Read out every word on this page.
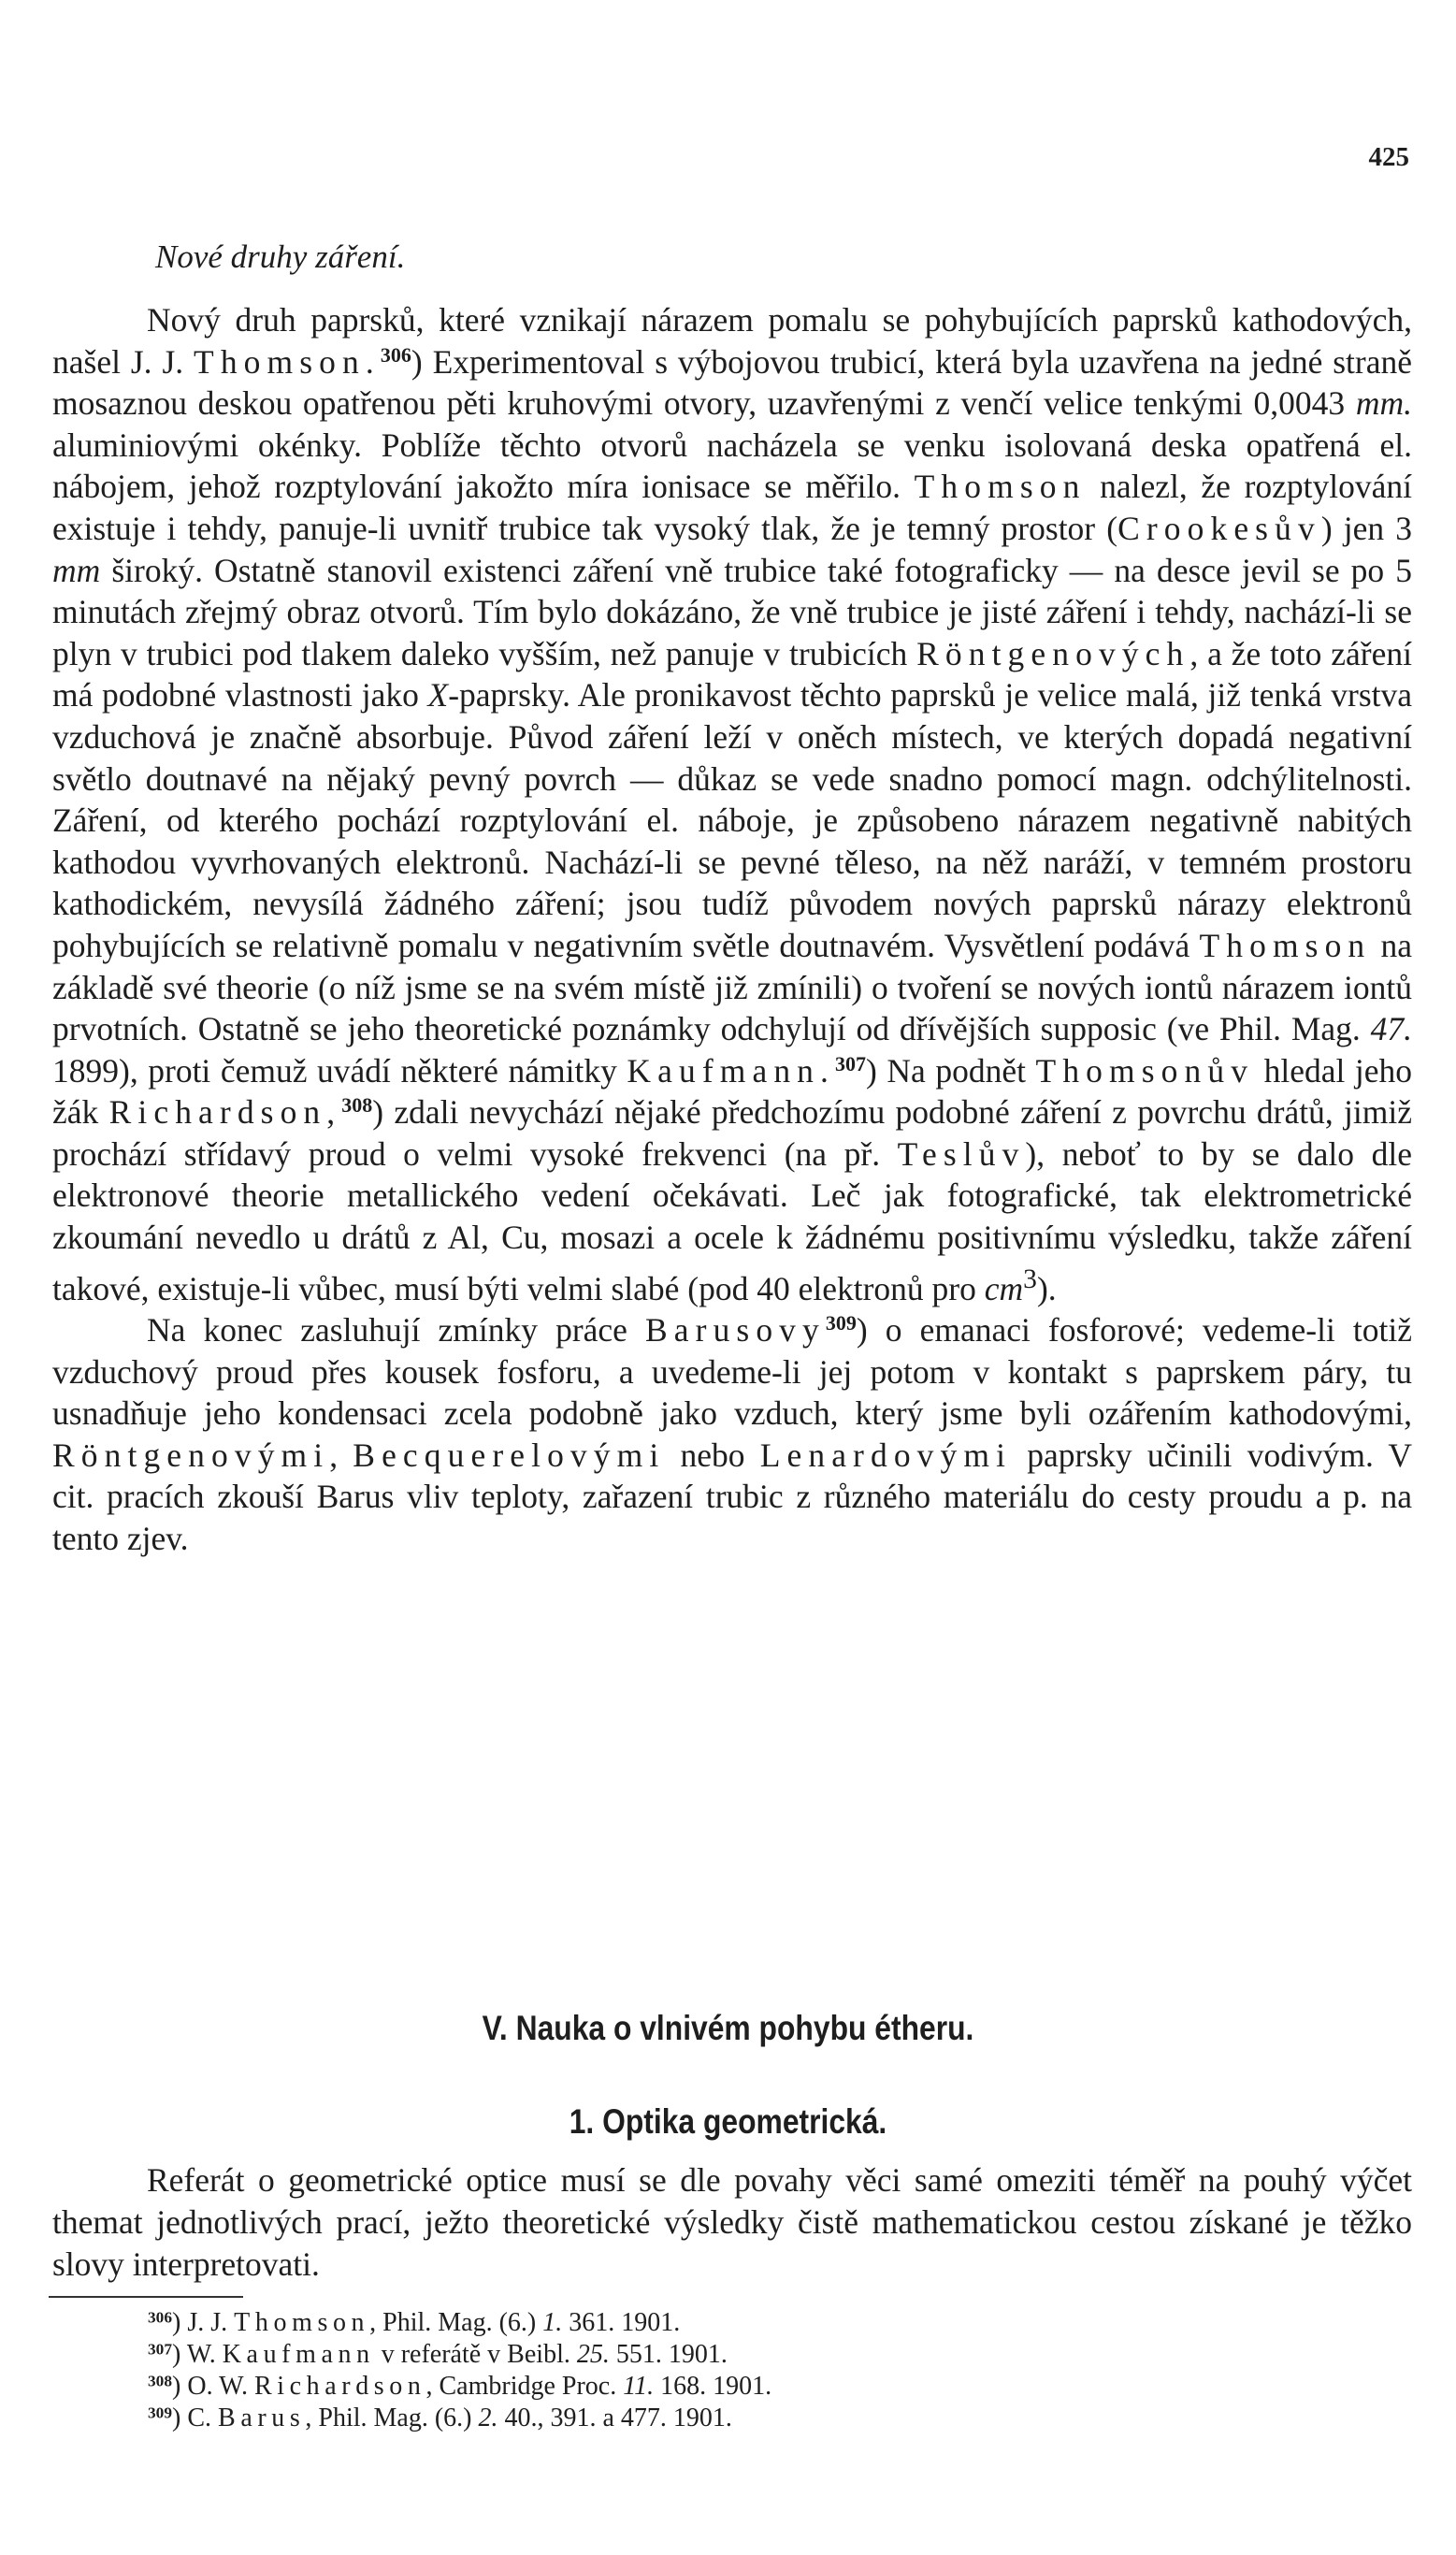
425
Nové druhy záření.

Nový druh paprsků, které vznikají nárazem pomalu se pohybujících paprsků kathodových, našel J. J. Thomson.$^{306}$) Experimentoval s výbojovou trubicí, která byla uzavřena na jedné straně mosaznou deskou opatřenou pěti kruhovými otvory, uzavřenými z venčí velice tenkými 0,0043 mm. aluminiovými okénky. Poblíže těchto otvorů nacházela se venku isolovaná deska opatřená el. nábojem, jehož rozptylování jakožto míra ionisace se měřilo. Thomson nalezl, že rozptylování existuje i tehdy, panuje-li uvnitř trubice tak vysoký tlak, že je temný prostor (Crookesův) jen 3 mm široký. Ostatně stanovil existenci záření vně trubice také fotograficky — na desce jevil se po 5 minutách zřejmý obraz otvorů. Tím bylo dokázáno, že vně trubice je jisté záření i tehdy, nachází-li se plyn v trubici pod tlakem daleko vyšším, než panuje v trubicích Röntgenových, a že toto záření má podobné vlastnosti jako X-paprsky. Ale pronikavost těchto paprsků je velice malá, již tenká vrstva vzduchová je značně absorbuje. Původ záření leží v oněch místech, ve kterých dopadá negativní světlo doutnavé na nějaký pevný povrch — důkaz se vede snadno pomocí magn. odchýlitelnosti. Záření, od kterého pochází rozptylování el. náboje, je způsobeno nárazem negativně nabitých kathodou vyvrhovaných elektronů. Nachází-li se pevné těleso, na něž naráží, v temném prostoru kathodickém, nevysílá žádného záření; jsou tudíž původem nových paprsků nárazy elektronů pohybujících se relativně pomalu v negativním světle doutnavém. Vysvětlení podává Thomson na základě své theorie (o níž jsme se na svém místě již zmínili) o tvoření se nových iontů nárazem iontů prvotních. Ostatně se jeho theoretické poznámky odchylují od dřívějších supposic (ve Phil. Mag. 47. 1899), proti čemuž uvádí některé námitky Kaufmann.$^{307}$) Na podnět Thomsonův hledal jeho žák Richardson,$^{308}$) zdali nevychází nějaké předchozímu podobné záření z povrchu drátů, jimiž prochází střídavý proud o velmi vysoké frekvenci (na př. Teslův), neboť to by se dalo dle elektronové theorie metallického vedení očekávati. Leč jak fotografické, tak elektrometrické zkoumání nevedlo u drátů z Al, Cu, mosazi a ocele k žádnému positivnímu výsledku, takže záření takové, existuje-li vůbec, musí býti velmi slabé (pod 40 elektronů pro $cm^3$).

Na konec zasluhují zmínky práce Barusovy$^{309}$) o emanaci fosforové; vedeme-li totiž vzduchový proud přes kousek fosforu, a uvedeme-li jej potom v kontakt s paprskem páry, tu usnadňuje jeho kondensaci zcela podobně jako vzduch, který jsme byli ozářením kathodovými, Röntgenovými, Becquerelovými nebo Lenardovými paprsky učinili vodivým. V cit. pracích zkouší Barus vliv teploty, zařazení trubic z různého materiálu do cesty proudu a p. na tento zjev.

V. Nauka o vlnivém pohybu étheru.
1. Optika geometrická.

Referát o geometrické optice musí se dle povahy věci samé omeziti téměř na pouhý výčet themat jednotlivých prací, ježto theoretické výsledky čistě mathematickou cestou získané je těžko slovy interpretovati.

$^{306}$) J. J. Thomson, Phil. Mag. (6.) 1. 361. 1901.
$^{307}$) W. Kaufmann v referátě v Beibl. 25. 551. 1901.
$^{308}$) O. W. Richardson, Cambridge Proc. 11. 168. 1901.
$^{309}$) C. Barus, Phil. Mag. (6.) 2. 40., 391. a 477. 1901.
